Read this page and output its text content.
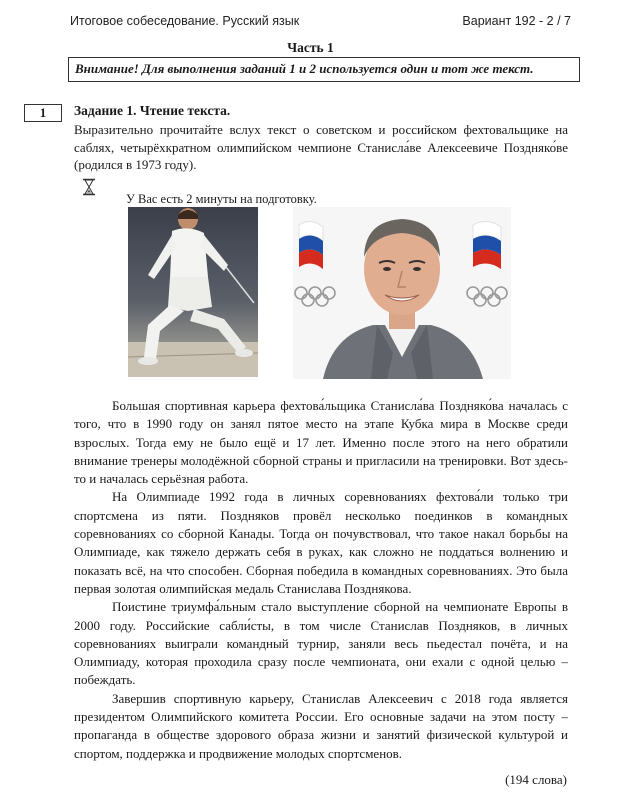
Итоговое собеседование. Русский язык	Вариант 192 - 2 / 7
Часть 1
Внимание! Для выполнения заданий 1 и 2 используется один и тот же текст.
1	Задание 1. Чтение текста.
Выразительно прочитайте вслух текст о советском и российском фехтовальщике на саблях, четырёхкратном олимпийском чемпионе Станисла́ве Алексеевиче Поздняко́ве (родился в 1973 году).
У Вас есть 2 минуты на подготовку.

Большая спортивная карьера фехтова́льщика Станисла́ва Поздняко́ва началась с того, что в 1990 году он занял пятое место на этапе Кубка мира в Москве среди взрослых. Тогда ему не было ещё и 17 лет. Именно после этого на него обратили внимание тренеры молодёжной сборной страны и пригласили на тренировки. Вот здесь-то и началась серьёзная работа.

На Олимпиаде 1992 года в личных соревнованиях фехтова́ли только три спортсмена из пяти. Поздняков провёл несколько поединков в командных соревнованиях со сборной Канады. Тогда он почувствовал, что такое накал борьбы на Олимпиаде, как тяжело держать себя в руках, как сложно не поддаться волнению и показать всё, на что способен. Сборная победила в командных соревнованиях. Это была первая золотая олимпийская медаль Станислава Позднякова.

Поистине триумфа́льным стало выступление сборной на чемпионате Европы в 2000 году. Российские сабли́сты, в том числе Станислав Поздняков, в личных соревнованиях выиграли командный турнир, заняли весь пьедестал почёта, и на Олимпиаду, которая проходила сразу после чемпионата, они ехали с одной целью – побеждать.

Завершив спортивную карьеру, Станислав Алексеевич с 2018 года является президентом Олимпийского комитета России. Его основные задачи на этом посту – пропаганда в обществе здорового образа жизни и занятий физической культурой и спортом, поддержка и продвижение молодых спортсменов.

(194 слова)
